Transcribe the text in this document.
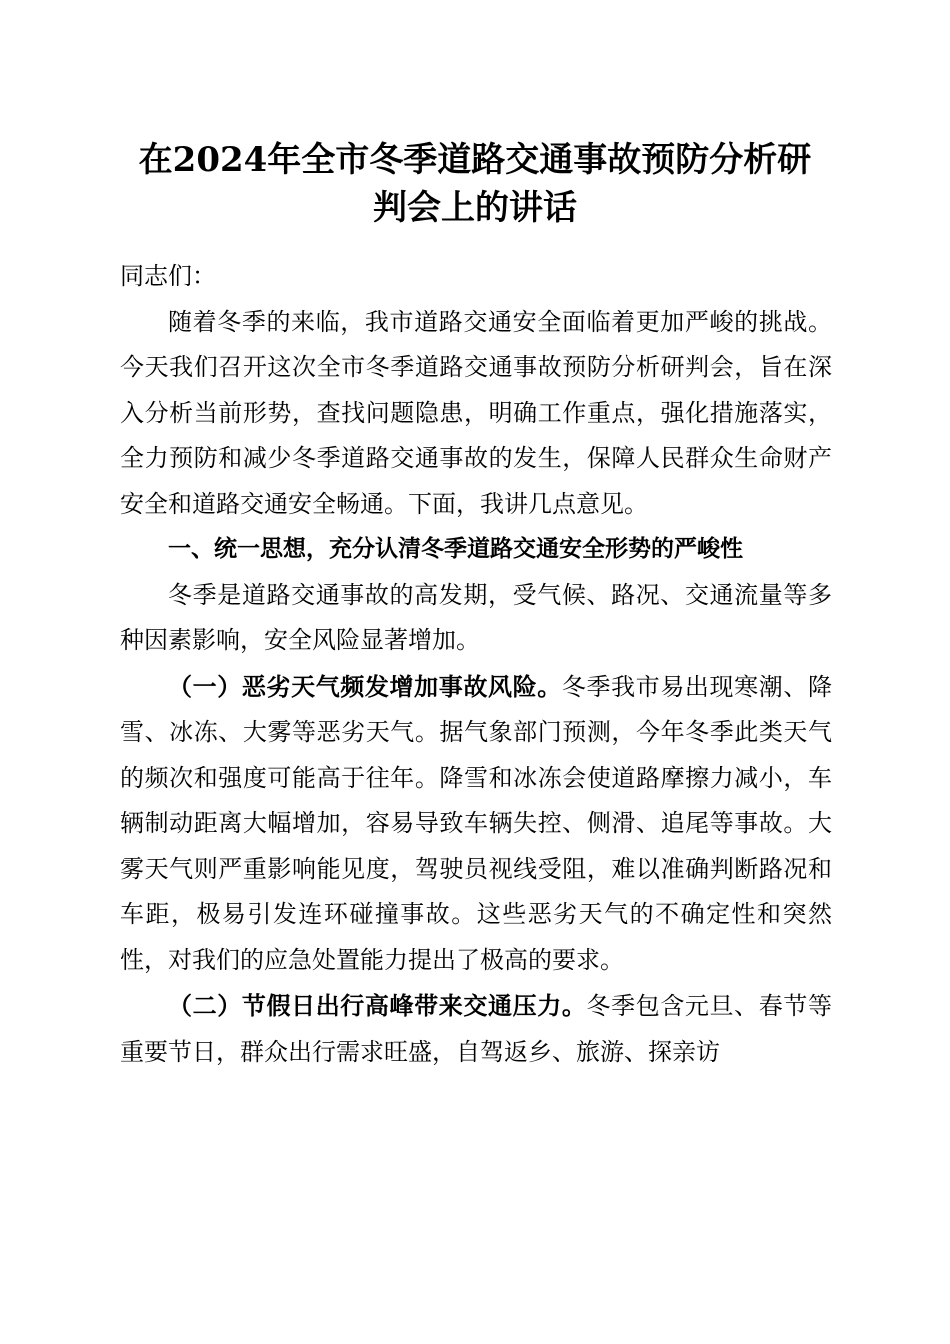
在2024年全市冬季道路交通事故预防分析研
判会上的讲话

同志们：

随着冬季的来临，我市道路交通安全面临着更加严峻的挑战。今天我们召开这次全市冬季道路交通事故预防分析研判会，旨在深入分析当前形势，查找问题隐患，明确工作重点，强化措施落实，全力预防和减少冬季道路交通事故的发生，保障人民群众生命财产安全和道路交通安全畅通。下面，我讲几点意见。

一、统一思想，充分认清冬季道路交通安全形势的严峻性

冬季是道路交通事故的高发期，受气候、路况、交通流量等多种因素影响，安全风险显著增加。

（一）恶劣天气频发增加事故风险。冬季我市易出现寒潮、降雪、冰冻、大雾等恶劣天气。据气象部门预测，今年冬季此类天气的频次和强度可能高于往年。降雪和冰冻会使道路摩擦力减小，车辆制动距离大幅增加，容易导致车辆失控、侧滑、追尾等事故。大雾天气则严重影响能见度，驾驶员视线受阻，难以准确判断路况和车距，极易引发连环碰撞事故。这些恶劣天气的不确定性和突然性，对我们的应急处置能力提出了极高的要求。

（二）节假日出行高峰带来交通压力。冬季包含元旦、春节等重要节日，群众出行需求旺盛，自驾返乡、旅游、探亲访
